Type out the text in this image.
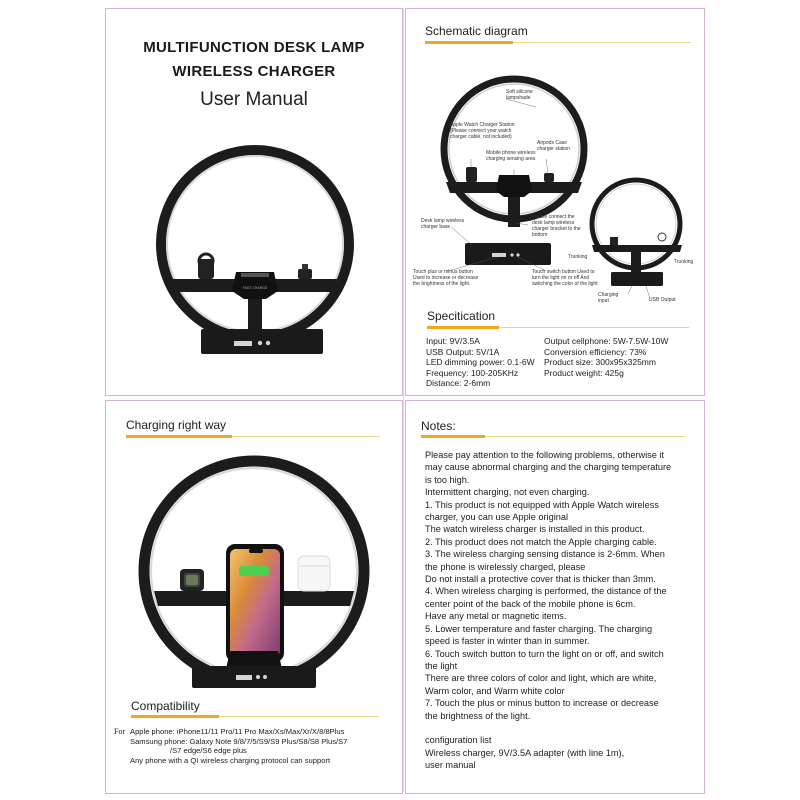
MULTIFUNCTION DESK LAMP
WIRELESS CHARGER
User Manual
FAST CHARGE
Schematic diagram
Soft silicone lampshade
Apple Watch Charger Station (Please connect your watch charger cable, not included)
Airpods Case charger station
Mobile phone wireless charging sensing area
Desk lamp wireless charger base
Please connect the desk lamp wireless charger bracket to the bottom
Touch plus or minus button Used to increase or decrease the brightness of the light
Touch switch button Used to turn the light on or off And switching the color of the light
Trunking
Trunking
Charging input	USB Output
Specitication
Input: 9V/3.5A
USB Output: 5V/1A
LED dimming power: 0.1-6W
Frequency: 100-205KHz
Distance: 2-6mm
Output cellphone: 5W-7.5W-10W
Conversion efficiency: 73%
Product size: 300x95x325mm
Product weight: 425g
Charging right way
Compatibility
For Apple phone: iPhone11/11 Pro/11 Pro Max/Xs/Max/Xr/X/8/8Plus
Samsung phone: Galaxy Note 9/8/7/5/S9/S9 Plus/S8/S8 Plus/S7
/S7 edge/S6 edge plus
Any phone with a QI wireless charging protocol can support
Notes:
Please pay attention to the following problems, otherwise it
may cause abnormal charging and the charging temperature
is too high.
Intermittent charging, not even charging.
1. This product is not equipped with Apple Watch wireless
charger, you can use Apple original
The watch wireless charger is installed in this product.
2. This product does not match the Apple charging cable.
3. The wireless charging sensing distance is 2-6mm. When
the phone is wirelessly charged, please
Do not install a protective cover that is thicker than 3mm.
4. When wireless charging is performed, the distance of the
center point of the back of the mobile phone is 6cm.
Have any metal or magnetic items.
5. Lower temperature and faster charging. The charging
speed is faster in winter than in summer.
6. Touch switch button to turn the light on or off, and switch
the light
There are three colors of color and light, which are white,
Warm color, and Warm white color
7. Touch the plus or minus button to increase or decrease
the brightness of the light.
configuration list
Wireless charger, 9V/3.5A adapter (with line 1m),
user manual
